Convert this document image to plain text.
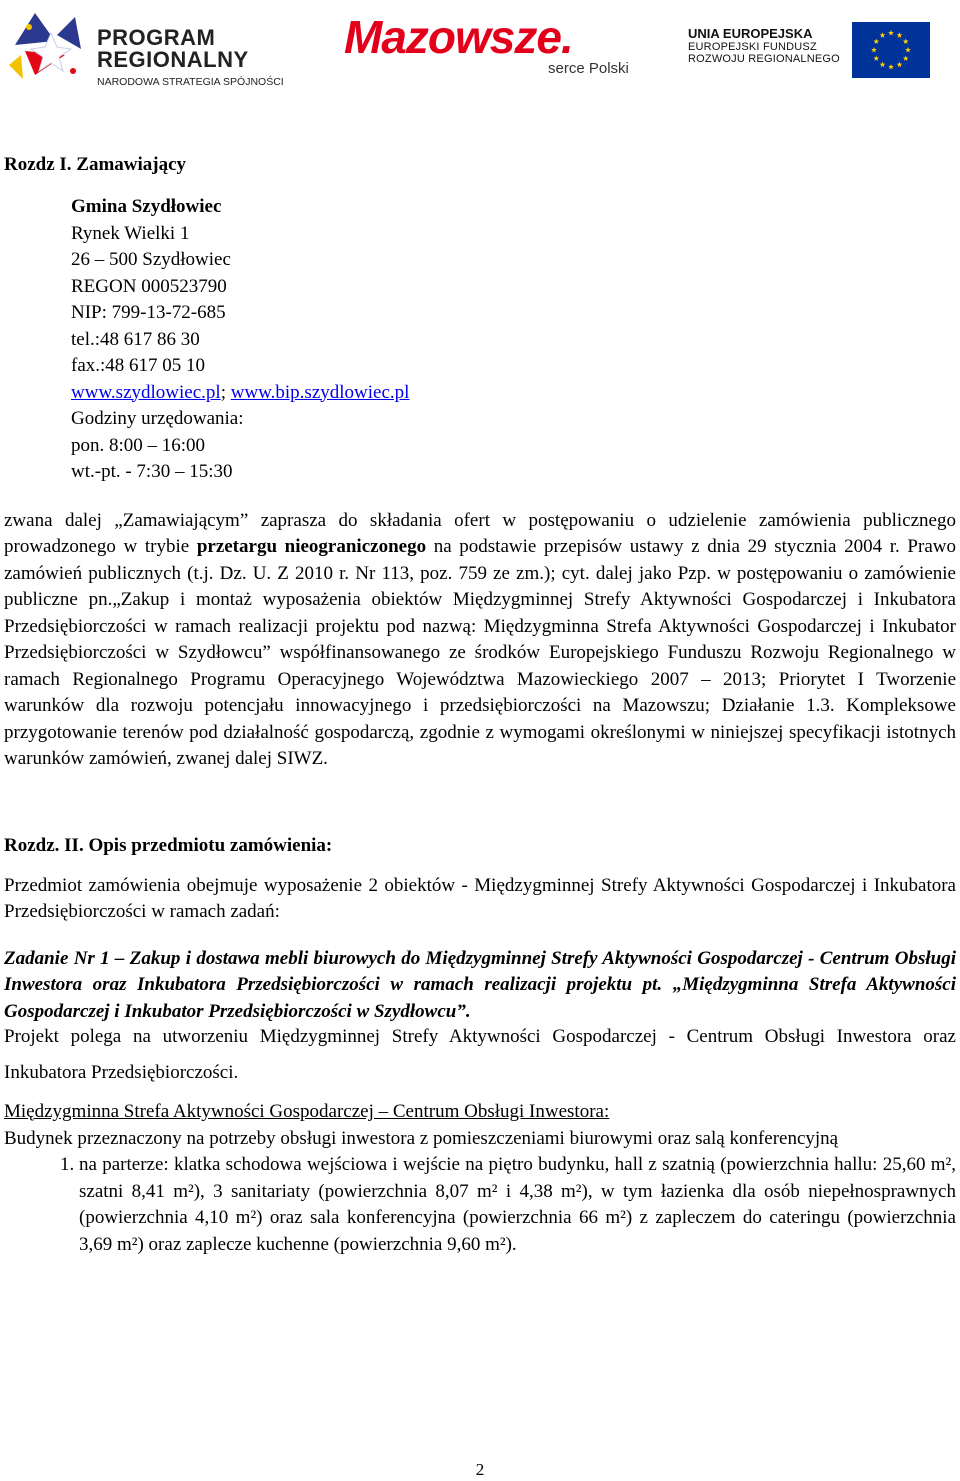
PROGRAM
REGIONALNY
NARODOWA STRATEGIA SPÓJNOŚCI
Mazowsze.
serce Polski
UNIA EUROPEJSKA
EUROPEJSKI FUNDUSZ
ROZWOJU REGIONALNEGO

Rozdz I. Zamawiający

Gmina Szydłowiec
Rynek Wielki 1
26 – 500 Szydłowiec
REGON 000523790
NIP: 799-13-72-685
tel.:48 617 86 30
fax.:48 617 05 10
www.szydlowiec.pl; www.bip.szydlowiec.pl
Godziny urzędowania:
pon. 8:00 – 16:00
wt.-pt. - 7:30 – 15:30

zwana dalej „Zamawiającym” zaprasza do składania ofert w postępowaniu o udzielenie zamówienia publicznego prowadzonego w trybie przetargu nieograniczonego na podstawie przepisów ustawy z dnia 29 stycznia 2004 r. Prawo zamówień publicznych (t.j. Dz. U. Z 2010 r. Nr 113, poz. 759 ze zm.); cyt. dalej jako Pzp. w postępowaniu o zamówienie publiczne pn.„Zakup i montaż wyposażenia obiektów Międzygminnej Strefy Aktywności Gospodarczej i Inkubatora Przedsiębiorczości w ramach realizacji projektu pod nazwą: Międzygminna Strefa Aktywności Gospodarczej i Inkubator Przedsiębiorczości w Szydłowcu” współfinansowanego ze środków Europejskiego Funduszu Rozwoju Regionalnego w ramach Regionalnego Programu Operacyjnego Województwa Mazowieckiego 2007 – 2013; Priorytet I Tworzenie warunków dla rozwoju potencjału innowacyjnego i przedsiębiorczości na Mazowszu; Działanie 1.3. Kompleksowe przygotowanie terenów pod działalność gospodarczą, zgodnie z wymogami określonymi w niniejszej specyfikacji istotnych warunków zamówień, zwanej dalej SIWZ.

Rozdz. II. Opis przedmiotu zamówienia:

Przedmiot zamówienia obejmuje wyposażenie 2 obiektów - Międzygminnej Strefy Aktywności Gospodarczej i Inkubatora Przedsiębiorczości w ramach zadań:

Zadanie Nr 1 – Zakup i dostawa mebli biurowych do Międzygminnej Strefy Aktywności Gospodarczej - Centrum Obsługi Inwestora oraz Inkubatora Przedsiębiorczości w ramach realizacji projektu pt. „Międzygminna Strefa Aktywności Gospodarczej i Inkubator Przedsiębiorczości w Szydłowcu”.

Projekt polega na utworzeniu Międzygminnej Strefy Aktywności Gospodarczej - Centrum Obsługi Inwestora oraz Inkubatora Przedsiębiorczości.

Międzygminna Strefa Aktywności Gospodarczej – Centrum Obsługi Inwestora:

Budynek przeznaczony na potrzeby obsługi inwestora z pomieszczeniami biurowymi oraz salą konferencyjną

1. na parterze: klatka schodowa wejściowa i wejście na piętro budynku, hall z szatnią (powierzchnia hallu: 25,60 m², szatni 8,41 m²), 3 sanitariaty (powierzchnia 8,07 m² i 4,38 m²), w tym łazienka dla osób niepełnosprawnych (powierzchnia 4,10 m²) oraz sala konferencyjna (powierzchnia 66 m²) z zapleczem do cateringu (powierzchnia 3,69 m²) oraz zaplecze kuchenne (powierzchnia 9,60 m²).
2
